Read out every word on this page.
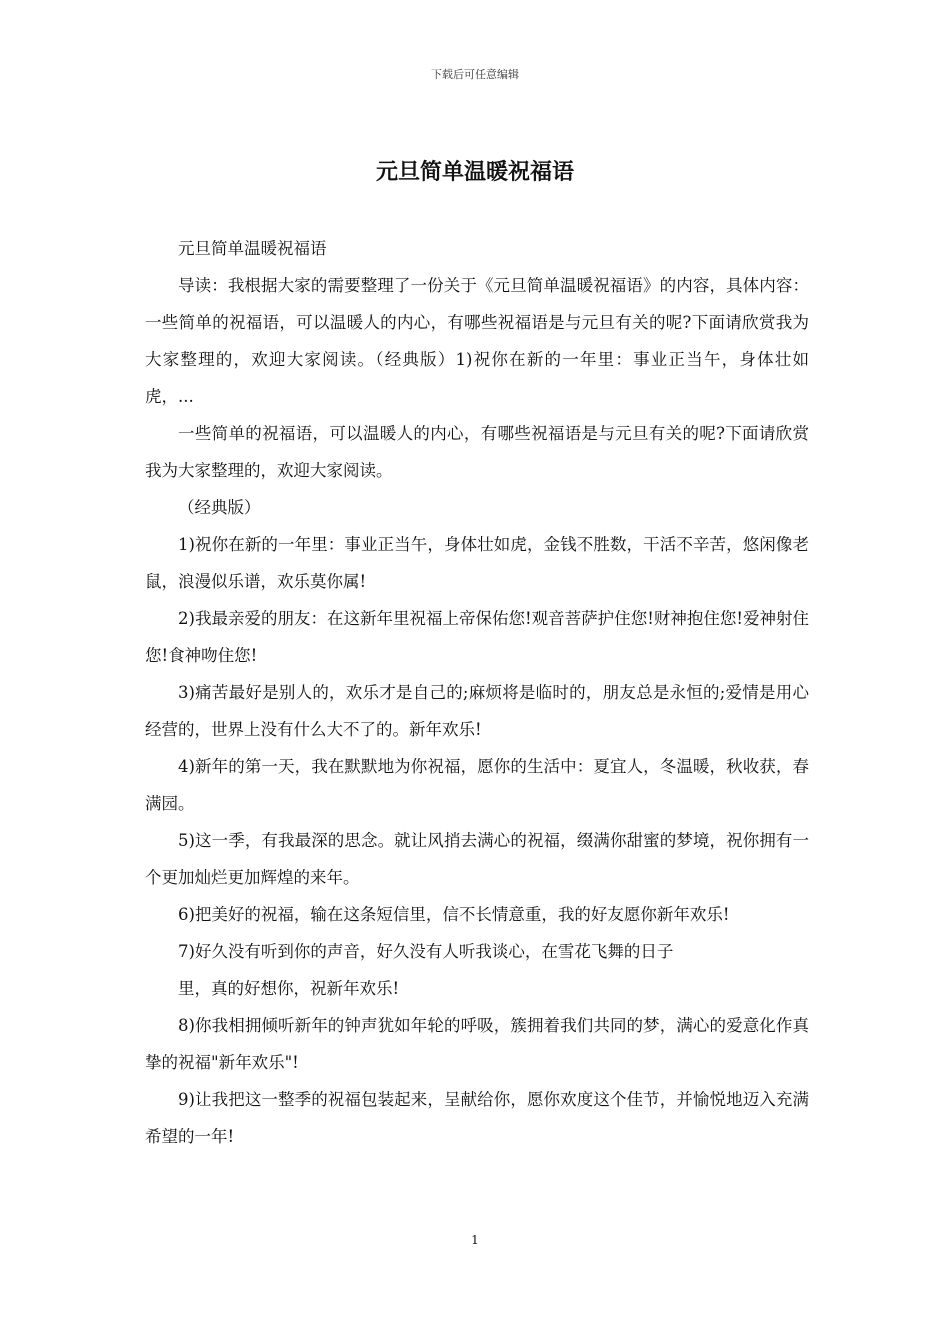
下载后可任意编辑
元旦简单温暖祝福语

元旦简单温暖祝福语

导读：我根据大家的需要整理了一份关于《元旦简单温暖祝福语》的内容，具体内容：一些简单的祝福语，可以温暖人的内心，有哪些祝福语是与元旦有关的呢?下面请欣赏我为大家整理的，欢迎大家阅读。（经典版）1)祝你在新的一年里：事业正当午，身体壮如虎，...

一些简单的祝福语，可以温暖人的内心，有哪些祝福语是与元旦有关的呢?下面请欣赏我为大家整理的，欢迎大家阅读。

（经典版）

1)祝你在新的一年里：事业正当午，身体壮如虎，金钱不胜数，干活不辛苦，悠闲像老鼠，浪漫似乐谱，欢乐莫你属!

2)我最亲爱的朋友：在这新年里祝福上帝保佑您!观音菩萨护住您!财神抱住您!爱神射住您!食神吻住您!

3)痛苦最好是别人的，欢乐才是自己的;麻烦将是临时的，朋友总是永恒的;爱情是用心经营的，世界上没有什么大不了的。新年欢乐!

4)新年的第一天，我在默默地为你祝福，愿你的生活中：夏宜人，冬温暖，秋收获，春满园。

5)这一季，有我最深的思念。就让风捎去满心的祝福，缀满你甜蜜的梦境，祝你拥有一个更加灿烂更加辉煌的来年。

6)把美好的祝福，输在这条短信里，信不长情意重，我的好友愿你新年欢乐!

7)好久没有听到你的声音，好久没有人听我谈心，在雪花飞舞的日子

里，真的好想你，祝新年欢乐!

8)你我相拥倾听新年的钟声犹如年轮的呼吸，簇拥着我们共同的梦，满心的爱意化作真挚的祝福"新年欢乐"!

9)让我把这一整季的祝福包装起来，呈献给你，愿你欢度这个佳节，并愉悦地迈入充满希望的一年!

1
